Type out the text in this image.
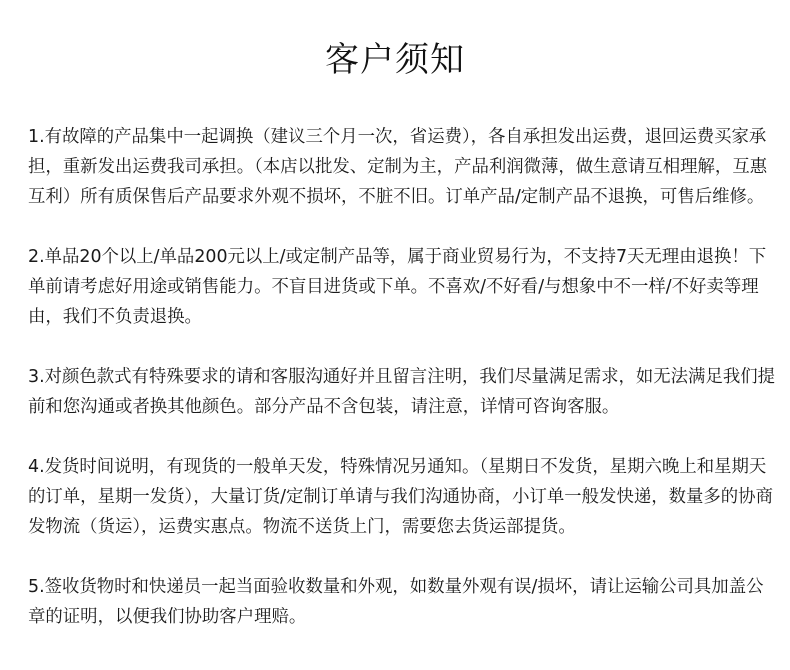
客户须知
1.有故障的产品集中一起调换（建议三个月一次，省运费），各自承担发出运费，退回运费买家承担，重新发出运费我司承担。（本店以批发、定制为主，产品利润微薄，做生意请互相理解，互惠互利）所有质保售后产品要求外观不损坏，不脏不旧。订单产品/定制产品不退换，可售后维修。
2.单品20个以上/单品200元以上/或定制产品等，属于商业贸易行为，不支持7天无理由退换！下单前请考虑好用途或销售能力。不盲目进货或下单。不喜欢/不好看/与想象中不一样/不好卖等理由，我们不负责退换。
3.对颜色款式有特殊要求的请和客服沟通好并且留言注明，我们尽量满足需求，如无法满足我们提前和您沟通或者换其他颜色。部分产品不含包装，请注意，详情可咨询客服。
4.发货时间说明，有现货的一般单天发，特殊情况另通知。（星期日不发货，星期六晚上和星期天的订单，星期一发货），大量订货/定制订单请与我们沟通协商，小订单一般发快递，数量多的协商发物流（货运），运费实惠点。物流不送货上门，需要您去货运部提货。
5.签收货物时和快递员一起当面验收数量和外观，如数量外观有误/损坏，请让运输公司具加盖公章的证明，以便我们协助客户理赔。
